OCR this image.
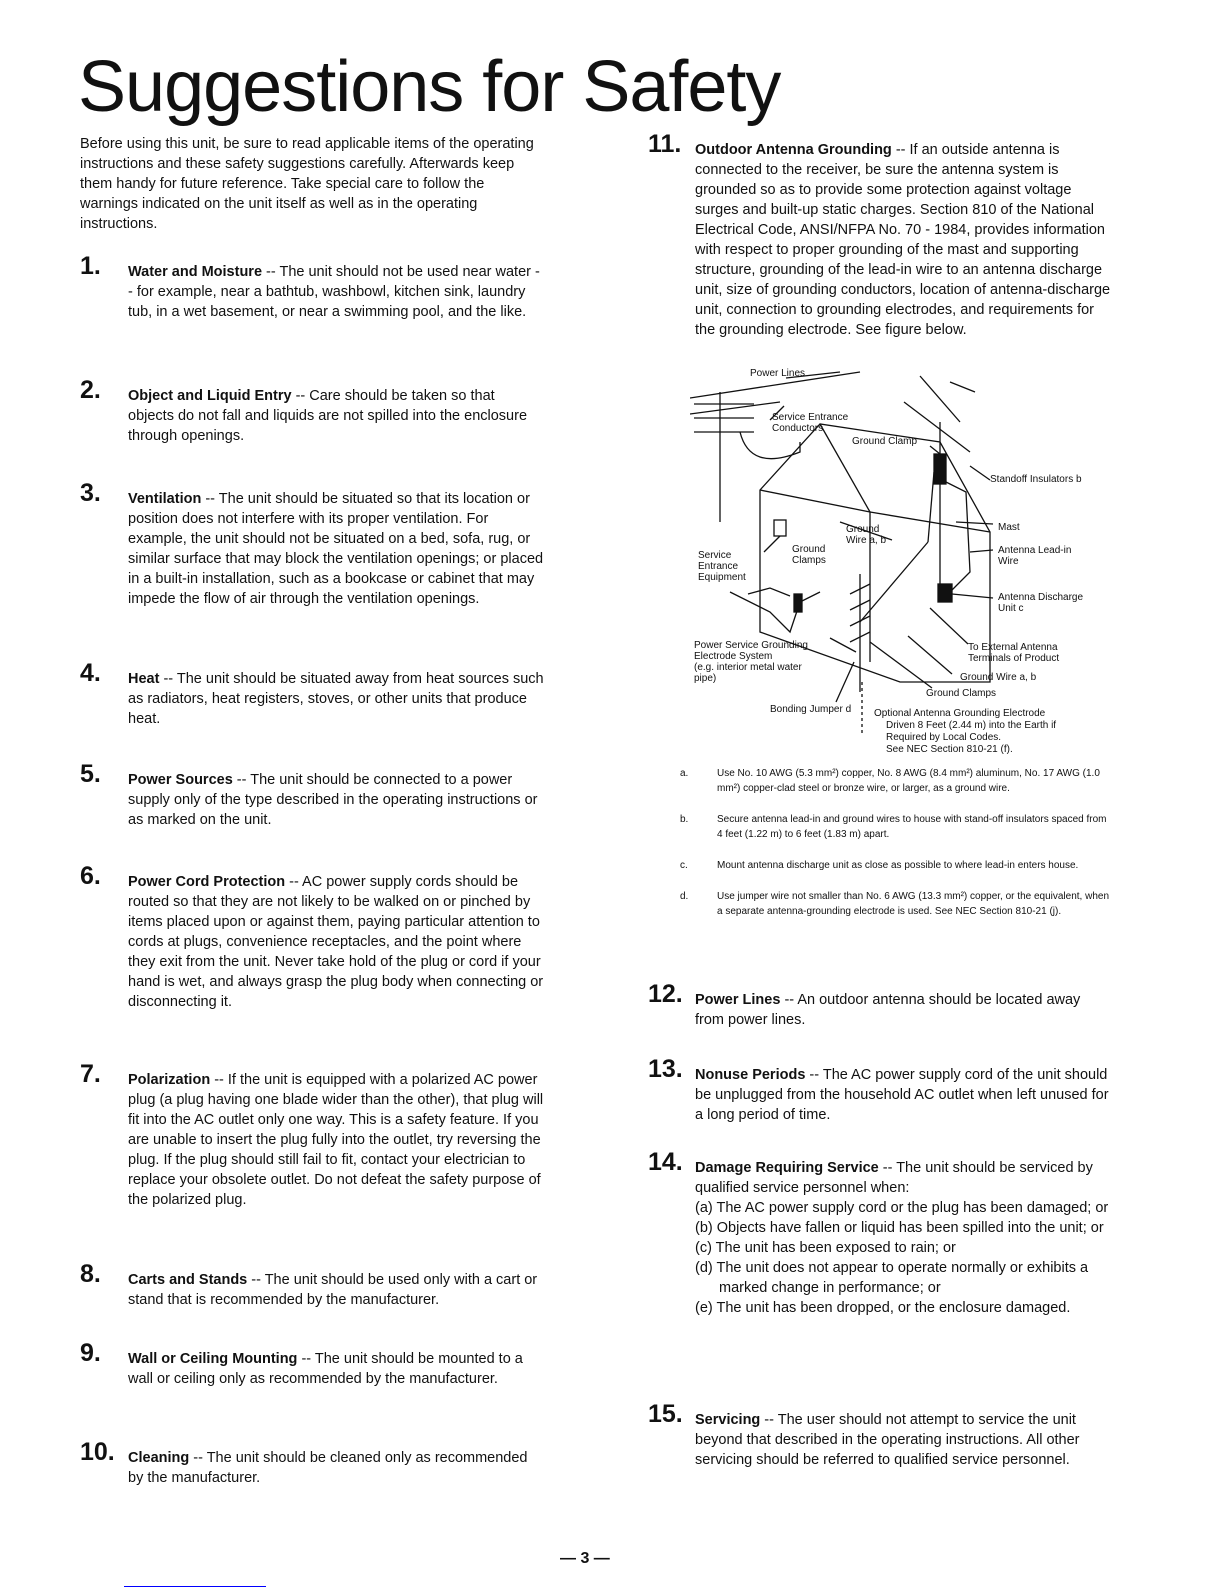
Suggestions for Safety

Before using this unit, be sure to read applicable items of the operating instructions and these safety suggestions carefully. Afterwards keep them handy for future reference. Take special care to follow the warnings indicated on the unit itself as well as in the operating instructions.

1.	Water and Moisture -- The unit should not be used near water -- for example, near a bathtub, washbowl, kitchen sink, laundry tub, in a wet basement, or near a swimming pool, and the like.

2.	Object and Liquid Entry -- Care should be taken so that objects do not fall and liquids are not spilled into the enclosure through openings.

3.	Ventilation -- The unit should be situated so that its location or position does not interfere with its proper ventilation. For example, the unit should not be situated on a bed, sofa, rug, or similar surface that may block the ventilation openings; or placed in a built-in installation, such as a bookcase or cabinet that may impede the flow of air through the ventilation openings.

4.	Heat -- The unit should be situated away from heat sources such as radiators, heat registers, stoves, or other units that produce heat.

5.	Power Sources -- The unit should be connected to a power supply only of the type described in the operating instructions or as marked on the unit.

6.	Power Cord Protection -- AC power supply cords should be routed so that they are not likely to be walked on or pinched by items placed upon or against them, paying particular attention to cords at plugs, convenience receptacles, and the point where they exit from the unit. Never take hold of the plug or cord if your hand is wet, and always grasp the plug body when connecting or disconnecting it.

7.	Polarization -- If the unit is equipped with a polarized AC power plug (a plug having one blade wider than the other), that plug will fit into the AC outlet only one way. This is a safety feature. If you are unable to insert the plug fully into the outlet, try reversing the plug. If the plug should still fail to fit, contact your electrician to replace your obsolete outlet. Do not defeat the safety purpose of the polarized plug.

8.	Carts and Stands -- The unit should be used only with a cart or stand that is recommended by the manufacturer.

9.	Wall or Ceiling Mounting -- The unit should be mounted to a wall or ceiling only as recommended by the manufacturer.

10. Cleaning -- The unit should be cleaned only as recommended by the manufacturer.

11. Outdoor Antenna Grounding -- If an outside antenna is connected to the receiver, be sure the antenna system is grounded so as to provide some protection against voltage surges and built-up static charges. Section 810 of the National Electrical Code, ANSI/NFPA No. 70 - 1984, provides information with respect to proper grounding of the mast and supporting structure, grounding of the lead-in wire to an antenna discharge unit, size of grounding conductors, location of antenna-discharge unit, connection to grounding electrodes, and requirements for the grounding electrode. See figure below.

Power Lines
Service Entrance
Conductors
Ground Clamp
Standoff Insulators b
Ground
Wire a, b
Mast
Service
Entrance
Equipment
Ground
Clamps
Antenna Lead-in
Wire
Antenna Discharge
Unit c
Power Service Grounding
Electrode System
(e.g. interior metal water
pipe)
To External Antenna
Terminals of Product
Ground Wire a, b
Ground Clamps
Bonding Jumper d Optional Antenna Grounding Electrode
Driven 8 Feet (2.44 m) into the Earth if
Required by Local Codes.
See NEC Section 810-21 (f).

a.	Use No. 10 AWG (5.3 mm²) copper, No. 8 AWG (8.4 mm²) aluminum, No. 17 AWG (1.0 mm²) copper-clad steel or bronze wire, or larger, as a ground wire.

b.	Secure antenna lead-in and ground wires to house with stand-off insulators spaced from 4 feet (1.22 m) to 6 feet (1.83 m) apart.

c.	Mount antenna discharge unit as close as possible to where lead-in enters house.

d.	Use jumper wire not smaller than No. 6 AWG (13.3 mm²) copper, or the equivalent, when a separate antenna-grounding electrode is used. See NEC Section 810-21 (j).

12. Power Lines -- An outdoor antenna should be located away from power lines.

13. Nonuse Periods -- The AC power supply cord of the unit should be unplugged from the household AC outlet when left unused for a long period of time.

14. Damage Requiring Service -- The unit should be serviced by qualified service personnel when:

(a) The AC power supply cord or the plug has been damaged; or

(b) Objects have fallen or liquid has been spilled into the unit; or

(c) The unit has been exposed to rain; or

(d) The unit does not appear to operate normally or exhibits a marked change in performance; or

(e) The unit has been dropped, or the enclosure damaged.

15. Servicing -- The user should not attempt to service the unit beyond that described in the operating instructions. All other servicing should be referred to qualified service personnel.

— 3 —
